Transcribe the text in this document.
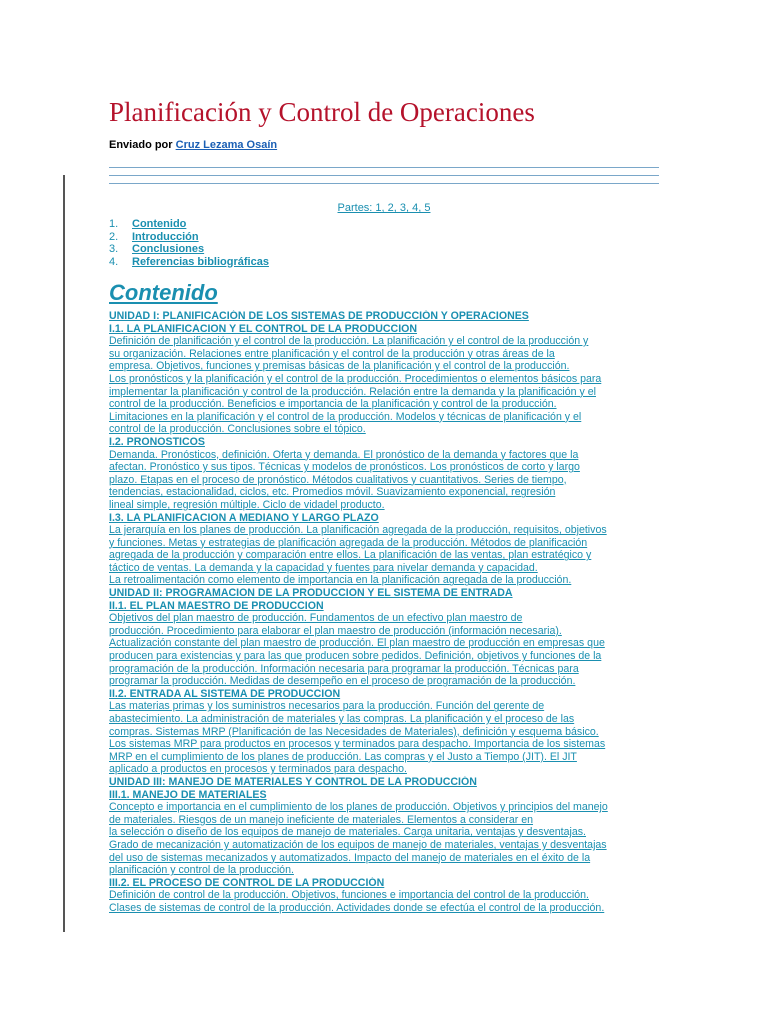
Planificación y Control de Operaciones
Enviado por Cruz Lezama Osaín
Partes: 1, 2, 3, 4, 5
1. Contenido
2. Introducción
3. Conclusiones
4. Referencias bibliográficas
Contenido
UNIDAD I: PLANIFICACIÓN DE LOS SISTEMAS DE PRODUCCIÓN Y OPERACIONES
I.1. LA PLANIFICACION Y EL CONTROL DE LA PRODUCCION
Definición de planificación y el control de la producción. La planificación y el control de la producción y
su organización. Relaciones entre planificación y el control de la producción y otras áreas de la
empresa. Objetivos, funciones y premisas básicas de la planificación y el control de la producción.
Los pronósticos y la planificación y el control de la producción. Procedimientos o elementos básicos para
implementar la planificación y control de la producción. Relación entre la demanda y la planificación y el
control de la producción. Beneficios e importancia de la planificación y control de la producción.
Limitaciones en la planificación y el control de la producción. Modelos y técnicas de planificación y el
control de la producción. Conclusiones sobre el tópico.
I.2. PRONOSTICOS
Demanda. Pronósticos, definición. Oferta y demanda. El pronóstico de la demanda y factores que la
afectan. Pronóstico y sus tipos. Técnicas y modelos de pronósticos. Los pronósticos de corto y largo
plazo. Etapas en el proceso de pronóstico. Métodos cualitativos y cuantitativos. Series de tiempo,
tendencias, estacionalidad, ciclos, etc. Promedios móvil. Suavizamiento exponencial, regresión
lineal simple, regresión múltiple. Ciclo de vidadel producto.
I.3. LA PLANIFICACION A MEDIANO Y LARGO PLAZO
La jerarquía en los planes de producción. La planificación agregada de la producción, requisitos, objetivos
y funciones. Metas y estrategias de planificación agregada de la producción. Métodos de planificación
agregada de la producción y comparación entre ellos. La planificación de las ventas, plan estratégico y
táctico de ventas. La demanda y la capacidad y fuentes para nivelar demanda y capacidad.
La retroalimentación como elemento de importancia en la planificación agregada de la producción.
UNIDAD II: PROGRAMACION DE LA PRODUCCION Y EL SISTEMA DE ENTRADA
II.1. EL PLAN MAESTRO DE PRODUCCION
Objetivos del plan maestro de producción. Fundamentos de un efectivo plan maestro de
producción. Procedimiento para elaborar el plan maestro de producción (información necesaria).
Actualización constante del plan maestro de producción. El plan maestro de producción en empresas que
producen para existencias y para las que producen sobre pedidos. Definición, objetivos y funciones de la
programación de la producción. Información necesaria para programar la producción. Técnicas para
programar la producción. Medidas de desempeño en el proceso de programación de la producción.
II.2. ENTRADA AL SISTEMA DE PRODUCCION
Las materias primas y los suministros necesarios para la producción. Función del gerente de
abastecimiento. La administración de materiales y las compras. La planificación y el proceso de las
compras. Sistemas MRP (Planificación de las Necesidades de Materiales), definición y esquema básico.
Los sistemas MRP para productos en procesos y terminados para despacho. Importancia de los sistemas
MRP en el cumplimiento de los planes de producción. Las compras y el Justo a Tiempo (JIT). El JIT
aplicado a productos en procesos y terminados para despacho.
UNIDAD III: MANEJO DE MATERIALES Y CONTROL DE LA PRODUCCIÓN
III.1. MANEJO DE MATERIALES
Concepto e importancia en el cumplimiento de los planes de producción. Objetivos y principios del manejo
de materiales. Riesgos de un manejo ineficiente de materiales. Elementos a considerar en
la selección o diseño de los equipos de manejo de materiales. Carga unitaria, ventajas y desventajas.
Grado de mecanización y automatización de los equipos de manejo de materiales, ventajas y desventajas
del uso de sistemas mecanizados y automatizados. Impacto del manejo de materiales en el éxito de la
planificación y control de la producción.
III.2. EL PROCESO DE CONTROL DE LA PRODUCCIÓN
Definición de control de la producción. Objetivos, funciones e importancia del control de la producción.
Clases de sistemas de control de la producción. Actividades donde se efectúa el control de la producción.
